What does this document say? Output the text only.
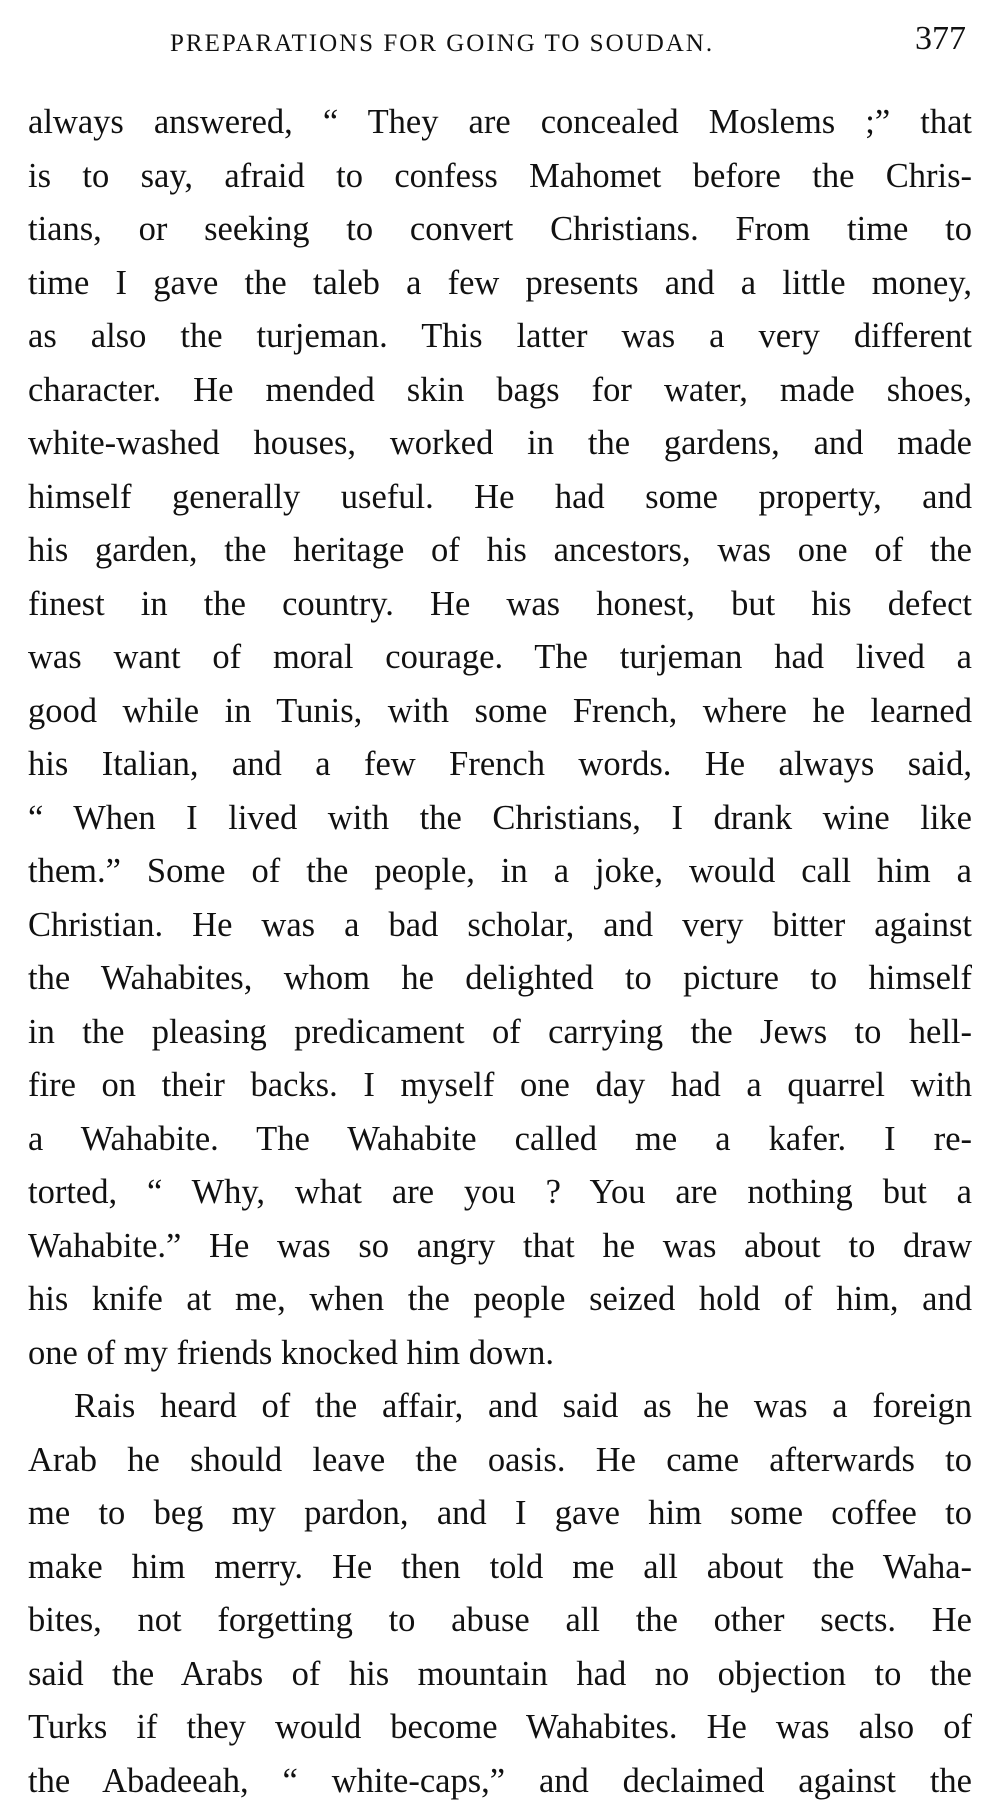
PREPARATIONS FOR GOING TO SOUDAN.	377
always answered, “ They are concealed Moslems ;” that
is to say, afraid to confess Mahomet before the Chris-
tians, or seeking to convert Christians. From time to
time I gave the taleb a few presents and a little money,
as also the turjeman. This latter was a very different
character. He mended skin bags for water, made shoes,
white-washed houses, worked in the gardens, and made
himself generally useful. He had some property, and
his garden, the heritage of his ancestors, was one of the
finest in the country. He was honest, but his defect
was want of moral courage. The turjeman had lived a
good while in Tunis, with some French, where he learned
his Italian, and a few French words. He always said,
“ When I lived with the Christians, I drank wine like
them.” Some of the people, in a joke, would call him a
Christian. He was a bad scholar, and very bitter against
the Wahabites, whom he delighted to picture to himself
in the pleasing predicament of carrying the Jews to hell-
fire on their backs. I myself one day had a quarrel with
a Wahabite. The Wahabite called me a kafer. I re-
torted, “ Why, what are you ? You are nothing but a
Wahabite.” He was so angry that he was about to draw
his knife at me, when the people seized hold of him, and
one of my friends knocked him down.
Rais heard of the affair, and said as he was a foreign
Arab he should leave the oasis. He came afterwards to
me to beg my pardon, and I gave him some coffee to
make him merry. He then told me all about the Waha-
bites, not forgetting to abuse all the other sects. He
said the Arabs of his mountain had no objection to the
Turks if they would become Wahabites. He was also of
the Abadeeah, “ white-caps,” and declaimed against the
